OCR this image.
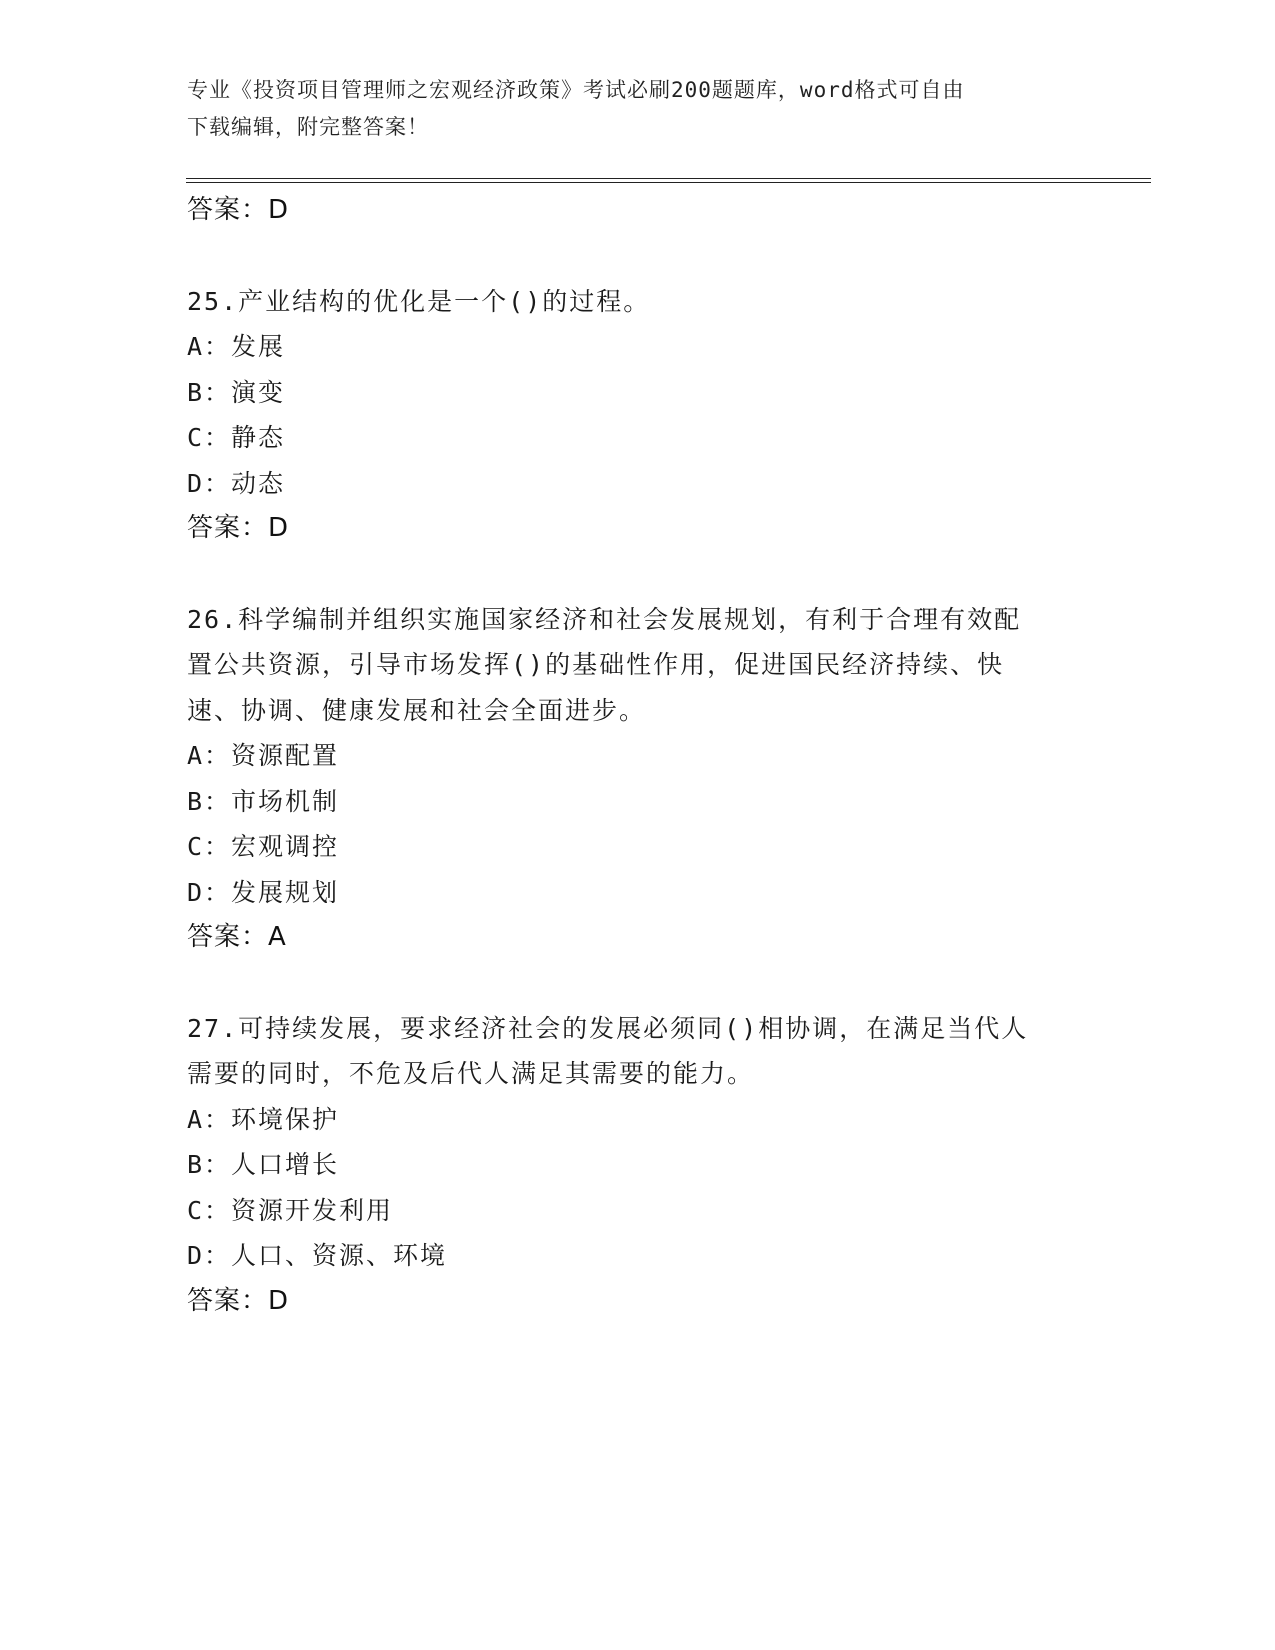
专业《投资项目管理师之宏观经济政策》考试必刷200题题库，word格式可自由
下载编辑，附完整答案！
答案：D
25.产业结构的优化是一个()的过程。
A：发展
B：演变
C：静态
D：动态
答案：D
26.科学编制并组织实施国家经济和社会发展规划，有利于合理有效配
置公共资源，引导市场发挥()的基础性作用，促进国民经济持续、快
速、协调、健康发展和社会全面进步。
A：资源配置
B：市场机制
C：宏观调控
D：发展规划
答案：A
27.可持续发展，要求经济社会的发展必须同()相协调，在满足当代人
需要的同时，不危及后代人满足其需要的能力。
A：环境保护
B：人口增长
C：资源开发利用
D：人口、资源、环境
答案：D
